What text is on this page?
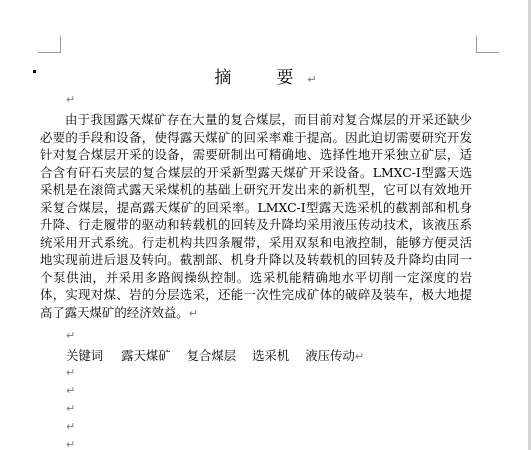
摘　要↵
↵
由于我国露天煤矿存在大量的复合煤层，而目前对复合煤层的开采还缺少必要的手段和设备，使得露天煤矿的回采率难于提高。因此迫切需要研究开发针对复合煤层开采的设备，需要研制出可精确地、选择性地开采独立矿层，适合含有矸石夹层的复合煤层的开采新型露天煤矿开采设备。LMXC-I型露天选采机是在滚筒式露天采煤机的基础上研究开发出来的新机型，它可以有效地开采复合煤层，提高露天煤矿的回采率。LMXC-I型露天选采机的截割部和机身升降、行走履带的驱动和转载机的回转及升降均采用液压传动技术，该液压系统采用开式系统。行走机构共四条履带，采用双泵和电液控制，能够方便灵活地实现前进后退及转向。截割部、机身升降以及转载机的回转及升降均由同一个泵供油，并采用多路阀操纵控制。选采机能精确地水平切削一定深度的岩体，实现对煤、岩的分层选采，还能一次性完成矿体的破碎及装车，极大地提高了露天煤矿的经济效益。↵
↵
关键词 露天煤矿 复合煤层 选采机 液压传动↵
↵
↵
↵
↵
↵
